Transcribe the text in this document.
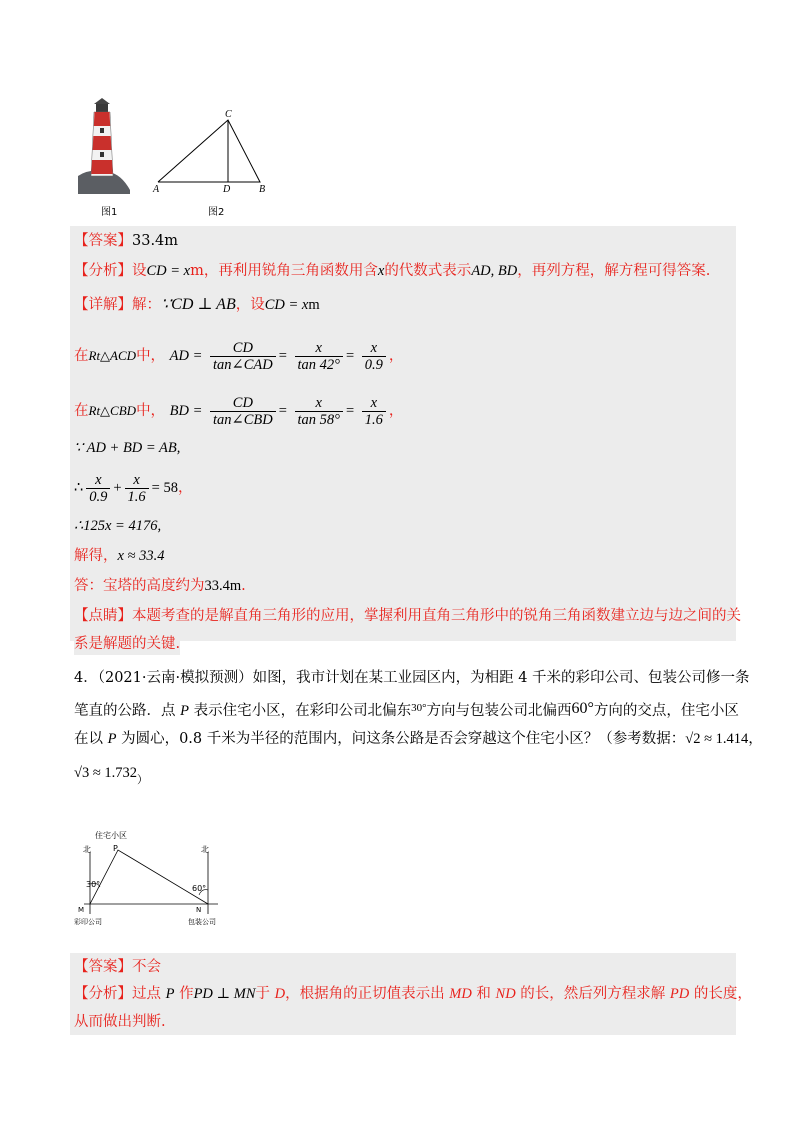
图1
C
A	D	B
图2
【答案】33.4m
【分析】设CD = xm，再利用锐角三角函数用含x的代数式表示AD, BD，再列方程，解方程可得答案.
【详解】解：∵CD ⊥ AB，设CD = xm
在Rt△ACD中， AD = $\frac{CD}{\text{tan∠CAD}} = \frac{x}{\tan 42^\circ} = \frac{x}{0.9}$ ，
在Rt△CBD中， BD = $\frac{CD}{\text{tan∠CBD}} = \frac{x}{\tan 58^\circ} = \frac{x}{1.6}$ ，
∵ AD + BD = AB,
∴ $\frac{x}{0.9} + \frac{x}{1.6} = 58$，
∴125x = 4176,
解得，x ≈ 33.4
答：宝塔的高度约为33.4m.
【点睛】本题考查的是解直角三角形的应用，掌握利用直角三角形中的锐角三角函数建立边与边之间的关
系是解题的关键.
4．（2021·云南·模拟预测）如图，我市计划在某工业园区内，为相距 4 千米的彩印公司、包装公司修一条
笔直的公路．点 P 表示住宅小区，在彩印公司北偏东$^{30^\circ}$方向与包装公司北偏西60°方向的交点，住宅小区
在以 P 为圆心，0.8 千米为半径的范围内，问这条公路是否会穿越这个住宅小区？（参考数据：√2 ≈ 1.414，
$√3 \approx 1.732_)$
住宅小区
北	北
P
30°	60°
M	N
彩印公司	包装公司
【答案】不会
【分析】过点 P 作PD ⊥ MN于 D，根据角的正切值表示出 MD 和 ND 的长，然后列方程求解 PD 的长度，
从而做出判断.
